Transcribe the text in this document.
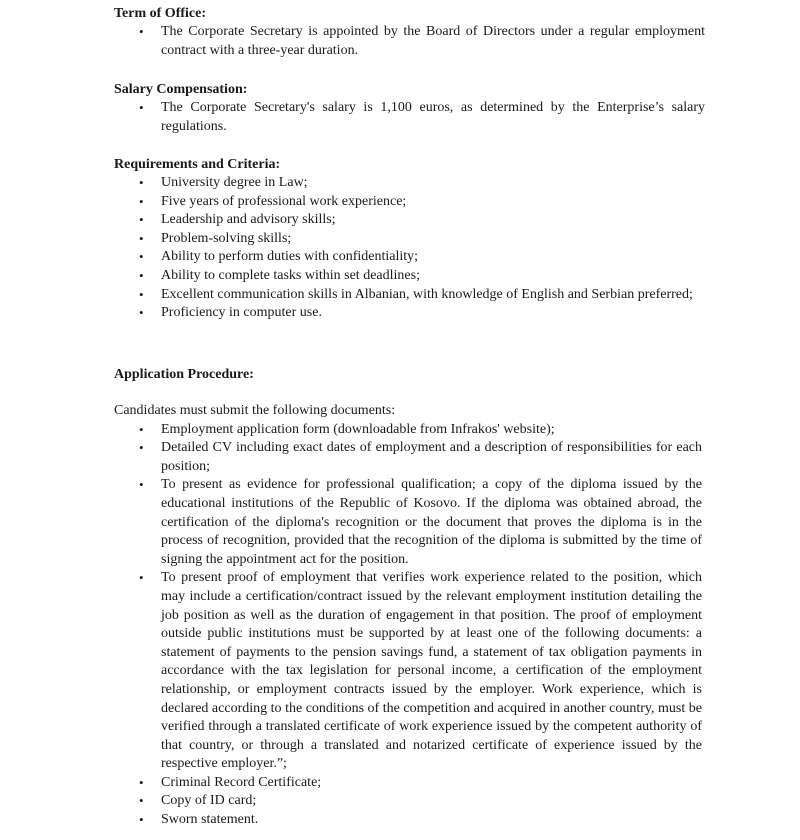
Term of Office:

• The Corporate Secretary is appointed by the Board of Directors under a regular employment contract with a three-year duration.

Salary Compensation:

• The Corporate Secretary's salary is 1,100 euros, as determined by the Enterprise’s salary regulations.

Requirements and Criteria:

• University degree in Law;
• Five years of professional work experience;
• Leadership and advisory skills;
• Problem-solving skills;
• Ability to perform duties with confidentiality;
• Ability to complete tasks within set deadlines;
• Excellent communication skills in Albanian, with knowledge of English and Serbian preferred;
• Proficiency in computer use.

Application Procedure:

Candidates must submit the following documents:

• Employment application form (downloadable from Infrakos' website);
• Detailed CV including exact dates of employment and a description of responsibilities for each position;
• To present as evidence for professional qualification; a copy of the diploma issued by the educational institutions of the Republic of Kosovo. If the diploma was obtained abroad, the certification of the diploma's recognition or the document that proves the diploma is in the process of recognition, provided that the recognition of the diploma is submitted by the time of signing the appointment act for the position.
• To present proof of employment that verifies work experience related to the position, which may include a certification/contract issued by the relevant employment institution detailing the job position as well as the duration of engagement in that position. The proof of employment outside public institutions must be supported by at least one of the following documents: a statement of payments to the pension savings fund, a statement of tax obligation payments in accordance with the tax legislation for personal income, a certification of the employment relationship, or employment contracts issued by the employer. Work experience, which is declared according to the conditions of the competition and acquired in another country, must be verified through a translated certificate of work experience issued by the competent authority of that country, or through a translated and notarized certificate of experience issued by the respective employer.”;
• Criminal Record Certificate;
• Copy of ID card;
• Sworn statement.
